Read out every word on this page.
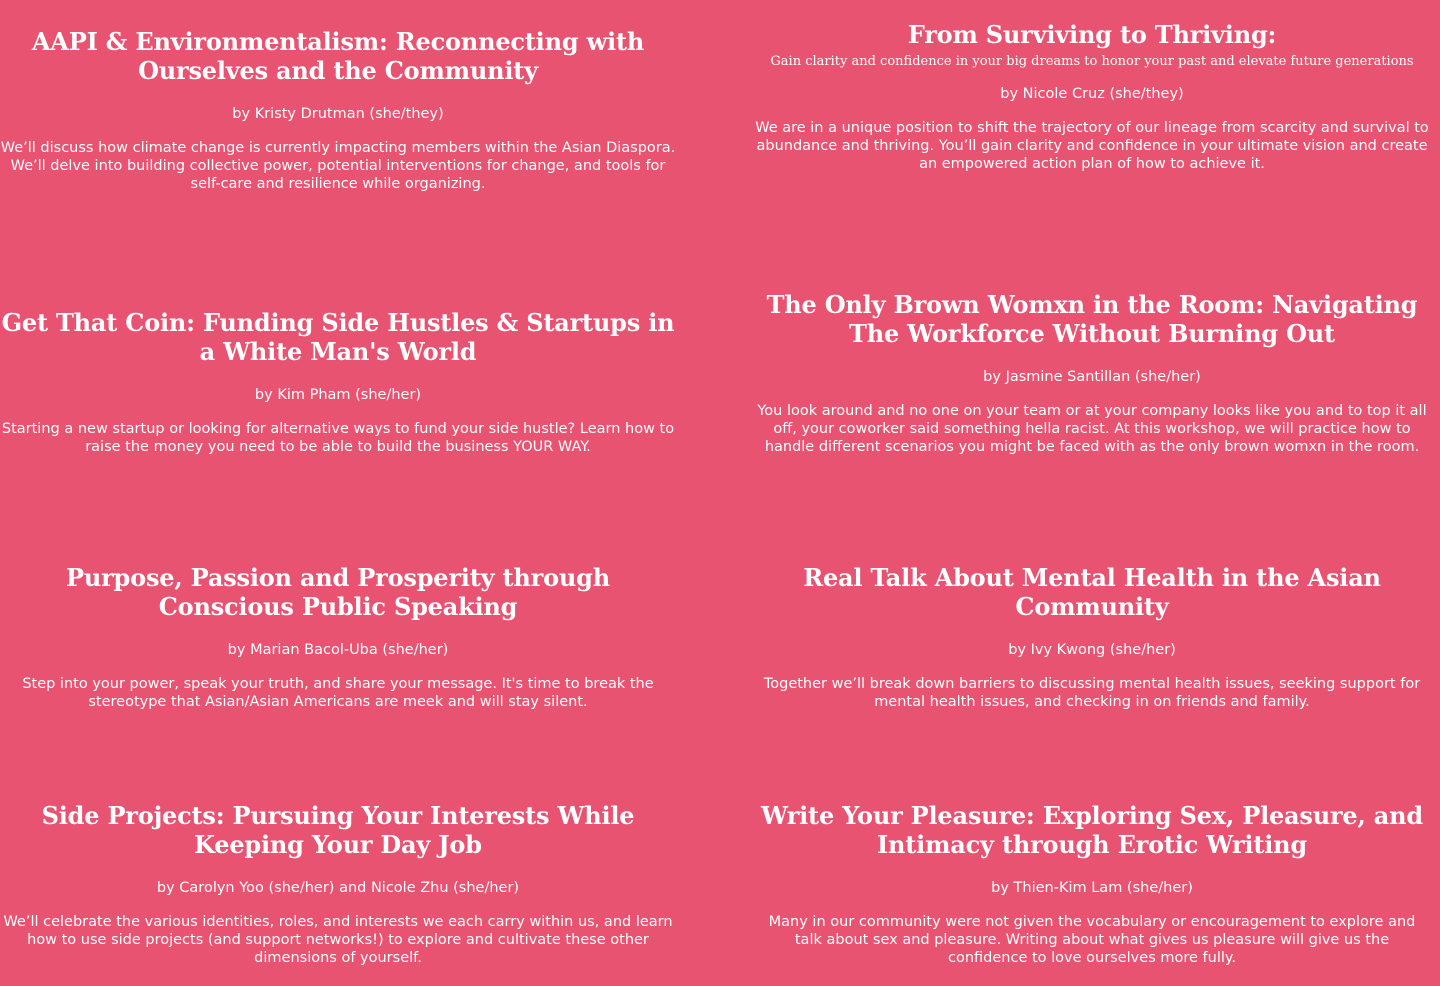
AAPI & Environmentalism: Reconnecting with Ourselves and the Community

by Kristy Drutman (she/they)

We’ll discuss how climate change is currently impacting members within the Asian Diaspora. We’ll delve into building collective power, potential interventions for change, and tools for self-care and resilience while organizing.

From Surviving to Thriving:

Gain clarity and confidence in your big dreams to honor your past and elevate future generations

by Nicole Cruz (she/they)

We are in a unique position to shift the trajectory of our lineage from scarcity and survival to abundance and thriving. You’ll gain clarity and confidence in your ultimate vision and create an empowered action plan of how to achieve it.

Get That Coin: Funding Side Hustles & Startups in a White Man's World

by Kim Pham (she/her)

Starting a new startup or looking for alternative ways to fund your side hustle? Learn how to raise the money you need to be able to build the business YOUR WAY.

The Only Brown Womxn in the Room: Navigating The Workforce Without Burning Out

by Jasmine Santillan (she/her)

You look around and no one on your team or at your company looks like you and to top it all off, your coworker said something hella racist. At this workshop, we will practice how to handle different scenarios you might be faced with as the only brown womxn in the room.

Purpose, Passion and Prosperity through Conscious Public Speaking

by Marian Bacol-Uba (she/her)

Step into your power, speak your truth, and share your message. It's time to break the stereotype that Asian/Asian Americans are meek and will stay silent.

Real Talk About Mental Health in the Asian Community

by Ivy Kwong (she/her)

Together we’ll break down barriers to discussing mental health issues, seeking support for mental health issues, and checking in on friends and family.

Side Projects: Pursuing Your Interests While Keeping Your Day Job

by Carolyn Yoo (she/her) and Nicole Zhu (she/her)

We’ll celebrate the various identities, roles, and interests we each carry within us, and learn how to use side projects (and support networks!) to explore and cultivate these other dimensions of yourself.

Write Your Pleasure: Exploring Sex, Pleasure, and Intimacy through Erotic Writing

by Thien-Kim Lam (she/her)

Many in our community were not given the vocabulary or encouragement to explore and talk about sex and pleasure. Writing about what gives us pleasure will give us the confidence to love ourselves more fully.
